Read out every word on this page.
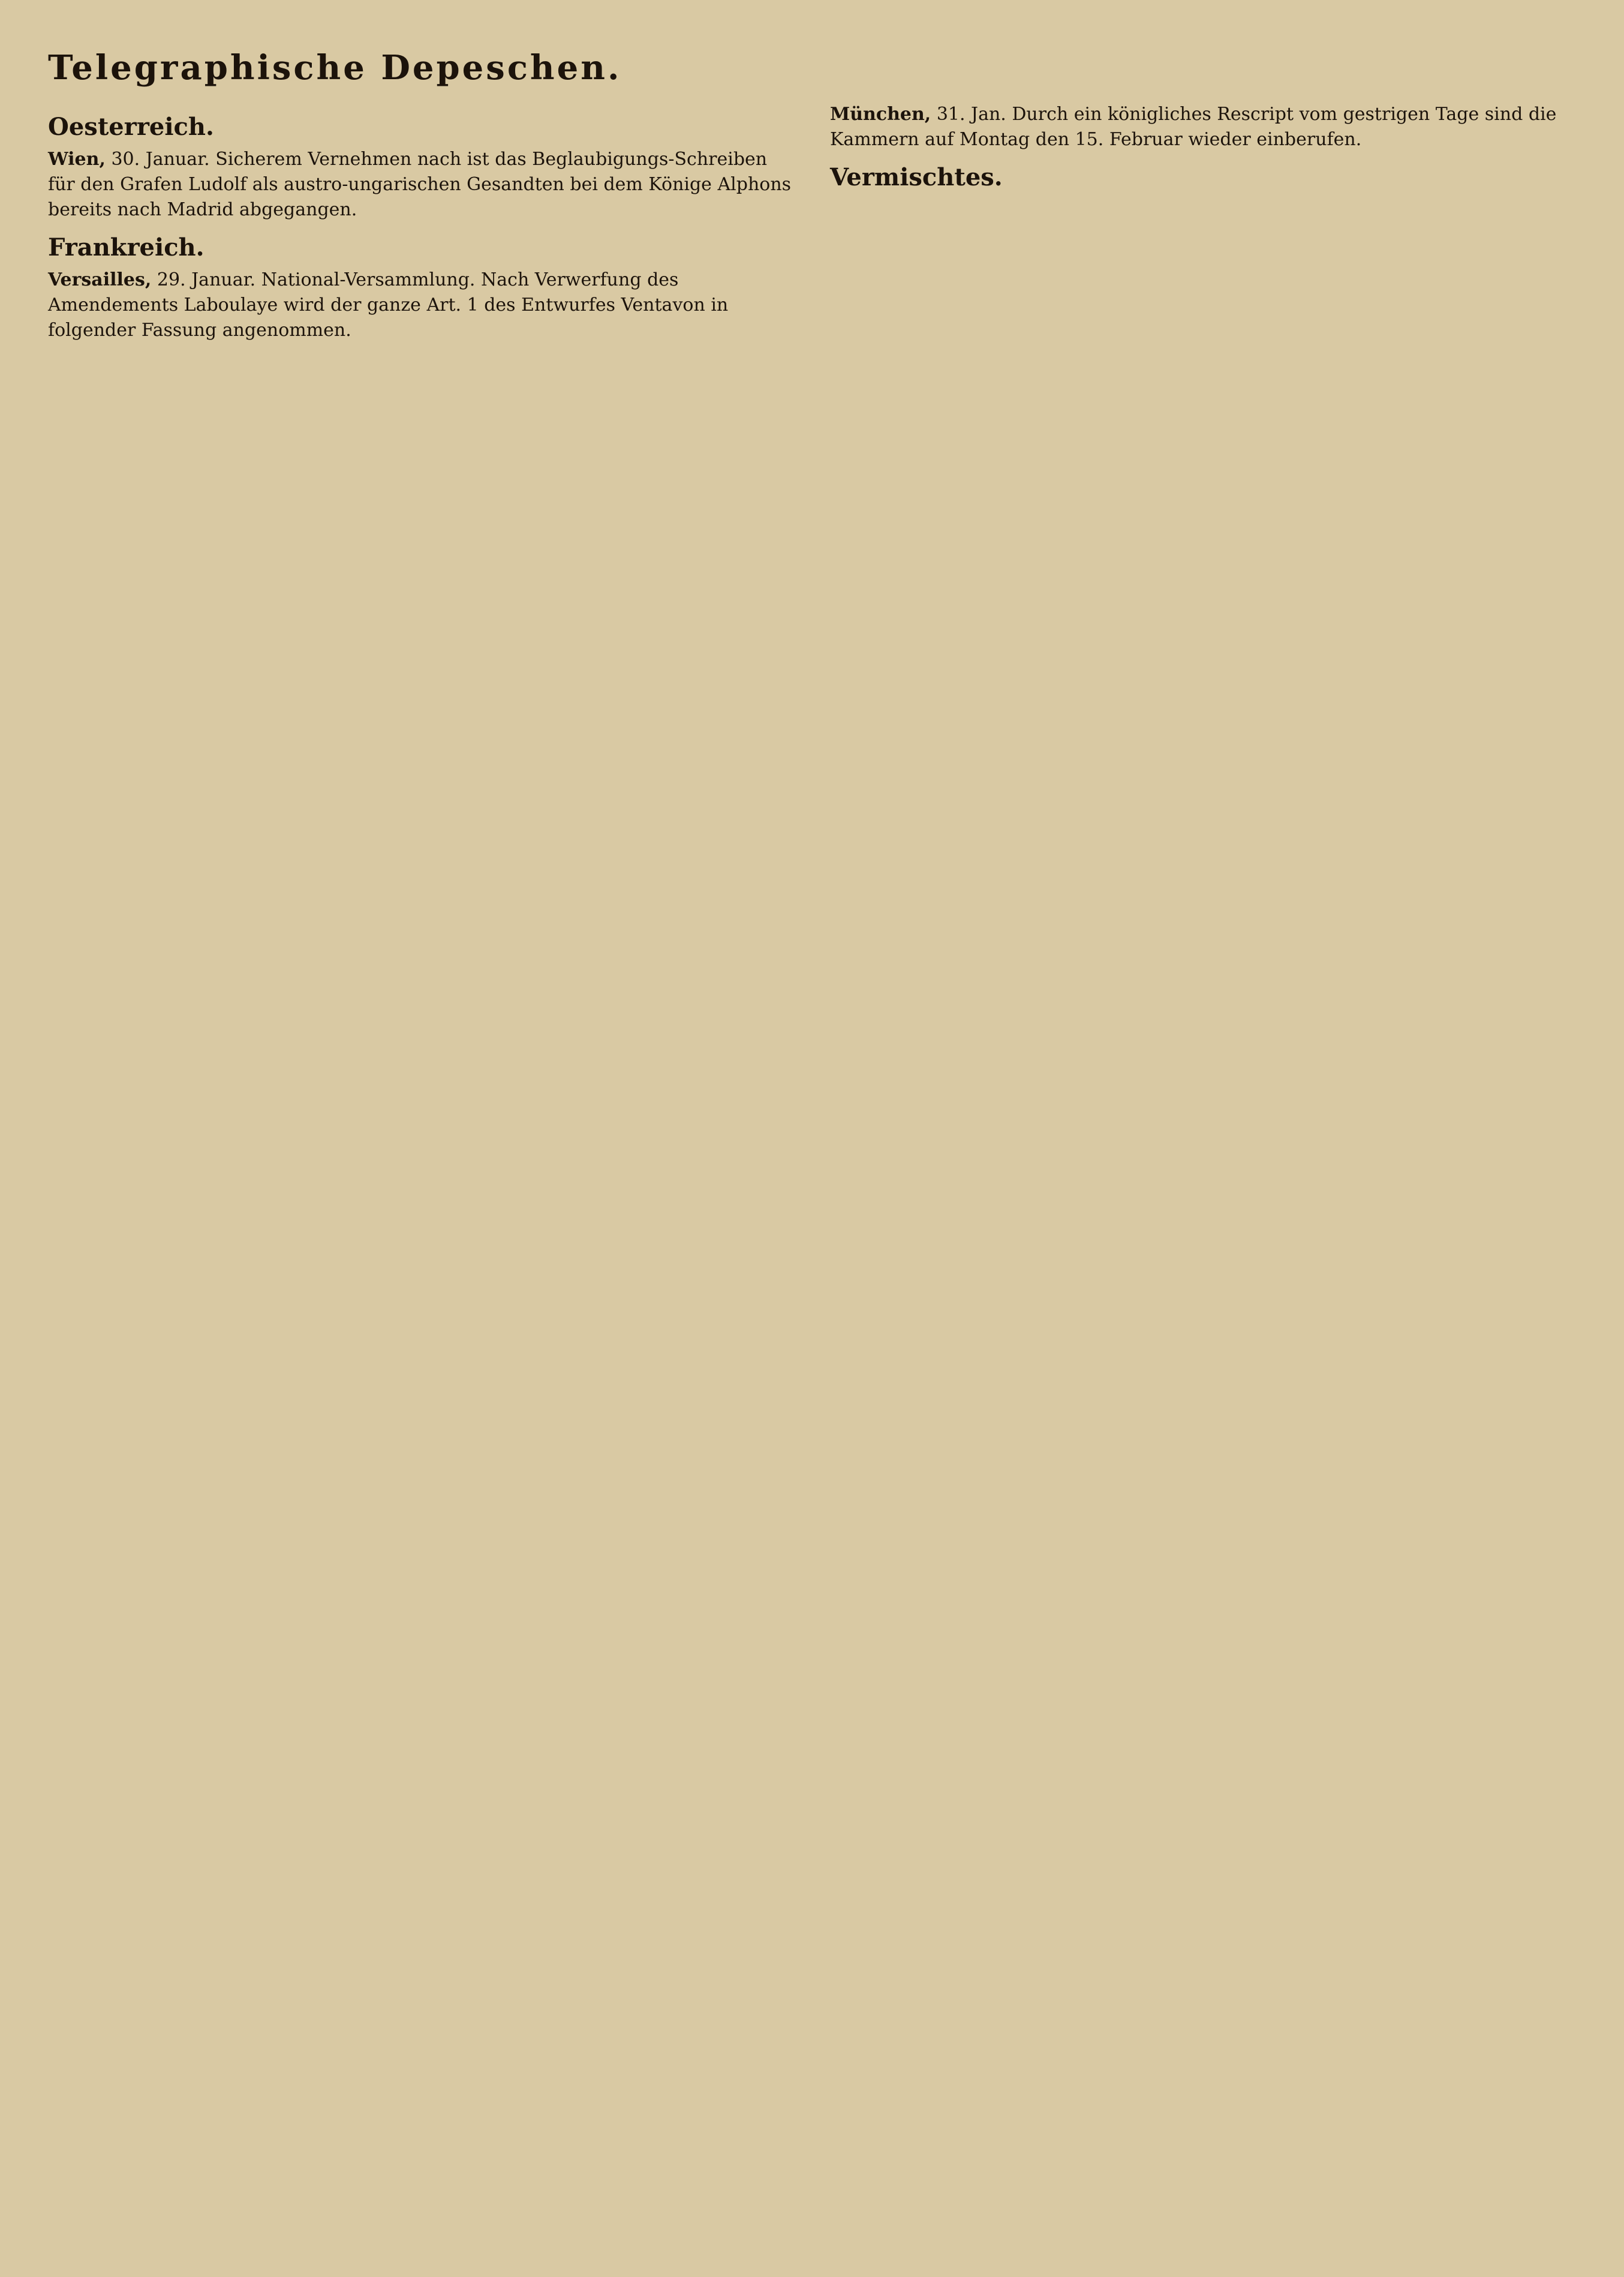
Telegraphische Depeschen.
Oesterreich.

Wien, 30. Januar. Sicherem Vernehmen nach ist das Beglaubigungs-Schreiben für den Grafen Ludolf als austro-ungarischen Gesandten bei dem Könige Alphons bereits nach Madrid abgegangen.

Frankreich.

Versailles, 29. Januar. National-Versammlung. Nach Verwerfung des Amendements Laboulaye wird der ganze Art. 1 des Entwurfes Ventavon in folgender Fassung angenommen.

München, 31. Jan. Durch ein königliches Rescript vom gestrigen Tage sind die Kammern auf Montag den 15. Februar wieder einberufen.

Vermischtes.
